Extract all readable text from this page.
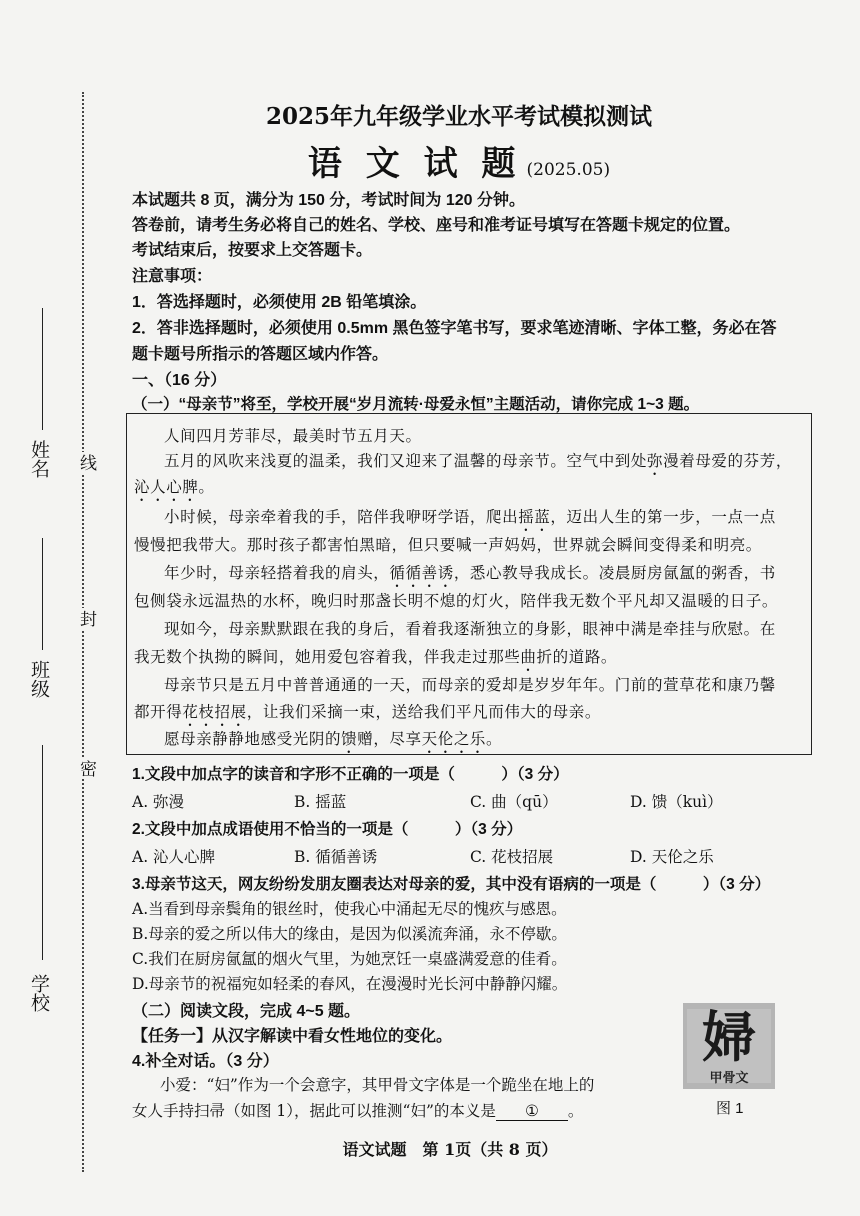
线
封
密
姓名
班级
学校
2025年九年级学业水平考试模拟测试
语 文 试 题 (2025.05)
本试题共 8 页，满分为 150 分，考试时间为 120 分钟。
答卷前，请考生务必将自己的姓名、学校、座号和准考证号填写在答题卡规定的位置。
考试结束后，按要求上交答题卡。
注意事项：
1．答选择题时，必须使用 2B 铅笔填涂。
2．答非选择题时，必须使用 0.5mm 黑色签字笔书写，要求笔迹清晰、字体工整，务必在答
题卡题号所指示的答题区域内作答。
一、（16 分）
（一）“母亲节”将至，学校开展“岁月流转·母爱永恒”主题活动，请你完成 1~3 题。
人间四月芳菲尽，最美时节五月天。
五月的风吹来浅夏的温柔，我们又迎来了温馨的母亲节。空气中到处弥漫着母爱的芬芳，
沁人心脾。
小时候，母亲牵着我的手，陪伴我咿呀学语，爬出摇蓝，迈出人生的第一步，一点一点
慢慢把我带大。那时孩子都害怕黑暗，但只要喊一声妈妈，世界就会瞬间变得柔和明亮。
年少时，母亲轻搭着我的肩头，循循善诱，悉心教导我成长。凌晨厨房氤氲的粥香，书
包侧袋永远温热的水杯，晚归时那盏长明不熄的灯火，陪伴我无数个平凡却又温暖的日子。
现如今，母亲默默跟在我的身后，看着我逐渐独立的身影，眼神中满是牵挂与欣慰。在
我无数个执拗的瞬间，她用爱包容着我，伴我走过那些曲折的道路。
母亲节只是五月中普普通通的一天，而母亲的爱却是岁岁年年。门前的萱草花和康乃馨
都开得花枝招展，让我们采摘一束，送给我们平凡而伟大的母亲。
愿母亲静静地感受光阴的馈赠，尽享天伦之乐。
1.文段中加点字的读音和字形不正确的一项是（　　　）（3 分）
A. 弥漫	B. 摇蓝	C. 曲（qū）	D. 馈（kuì）
2.文段中加点成语使用不恰当的一项是（　　　）（3 分）
A. 沁人心脾	B. 循循善诱	C. 花枝招展	D. 天伦之乐
3.母亲节这天，网友纷纷发朋友圈表达对母亲的爱，其中没有语病的一项是（　　　）（3 分）
A.当看到母亲鬓角的银丝时，使我心中涌起无尽的愧疚与感恩。
B.母亲的爱之所以伟大的缘由，是因为似溪流奔涌，永不停歇。
C.我们在厨房氤氲的烟火气里，为她烹饪一桌盛满爱意的佳肴。
D.母亲节的祝福宛如轻柔的春风，在漫漫时光长河中静静闪耀。
（二）阅读文段，完成 4~5 题。
【任务一】从汉字解读中看女性地位的变化。
4.补全对话。（3 分）
小爱：“妇”作为一个会意字，其甲骨文字体是一个跪坐在地上的
女人手持扫帚（如图 1），据此可以推测“妇”的本义是 ① 。
婦
甲骨文
图 1
语文试题　第 1页（共 8 页）
